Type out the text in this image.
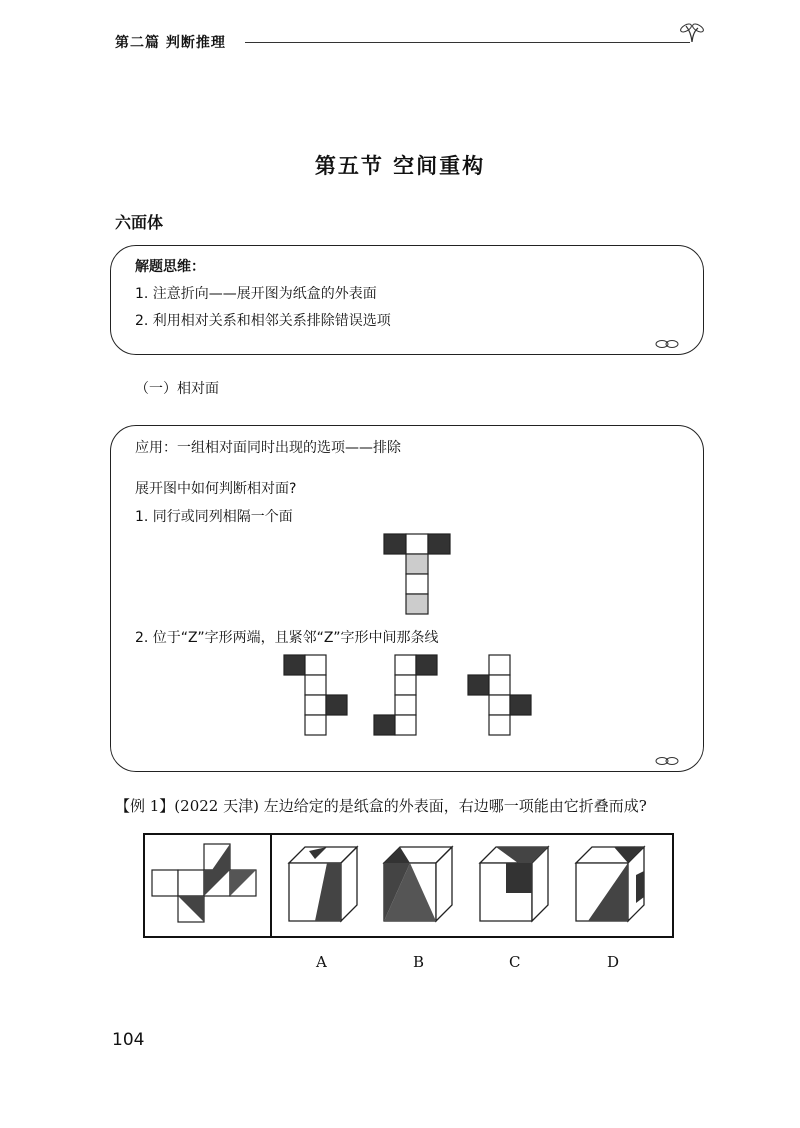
第二篇 判断推理
第五节 空间重构
六面体
解题思维：
1. 注意折向——展开图为纸盒的外表面
2. 利用相对关系和相邻关系排除错误选项
（一）相对面
应用：一组相对面同时出现的选项——排除
展开图中如何判断相对面?
1. 同行或同列相隔一个面
2. 位于“Z”字形两端，且紧邻“Z”字形中间那条线
【例 1】(2022 天津) 左边给定的是纸盒的外表面，右边哪一项能由它折叠而成?
A	B	C	D
104
